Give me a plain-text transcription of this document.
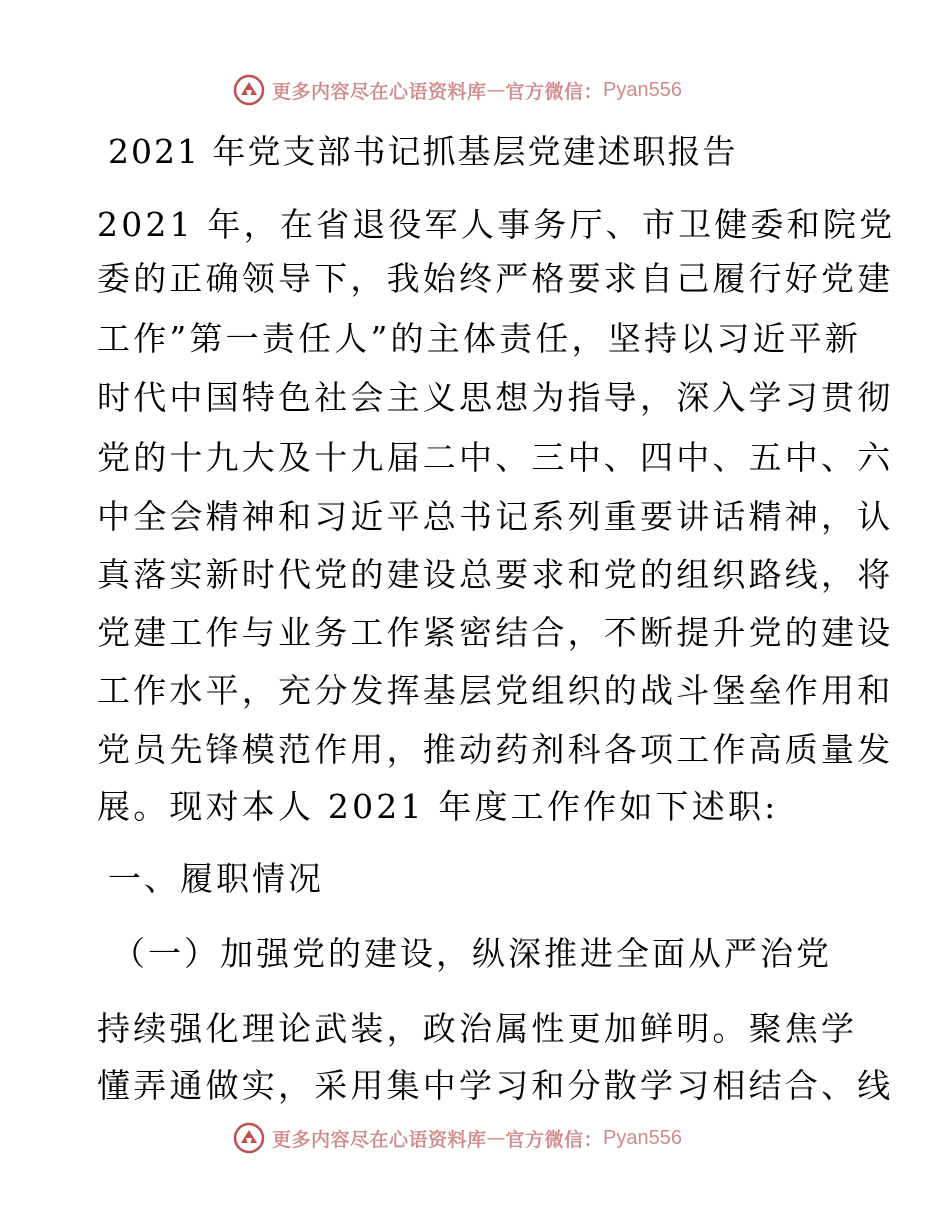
更多内容尽在心语资料库 — 官方微信： Pyan556
2021 年党支部书记抓基层党建述职报告
2021 年，在省退役军人事务厅、市卫健委和院党
委的正确领导下，我始终严格要求自己履行好党建
工作”第一责任人”的主体责任，坚持以习近平新
时代中国特色社会主义思想为指导，深入学习贯彻
党的十九大及十九届二中、三中、四中、五中、六
中全会精神和习近平总书记系列重要讲话精神，认
真落实新时代党的建设总要求和党的组织路线，将
党建工作与业务工作紧密结合，不断提升党的建设
工作水平，充分发挥基层党组织的战斗堡垒作用和
党员先锋模范作用，推动药剂科各项工作高质量发
展。现对本人 2021 年度工作作如下述职:
一、履职情况
（一）加强党的建设，纵深推进全面从严治党
持续强化理论武装，政治属性更加鲜明。聚焦学
懂弄通做实，采用集中学习和分散学习相结合、线
更多内容尽在心语资料库 — 官方微信： Pyan556
